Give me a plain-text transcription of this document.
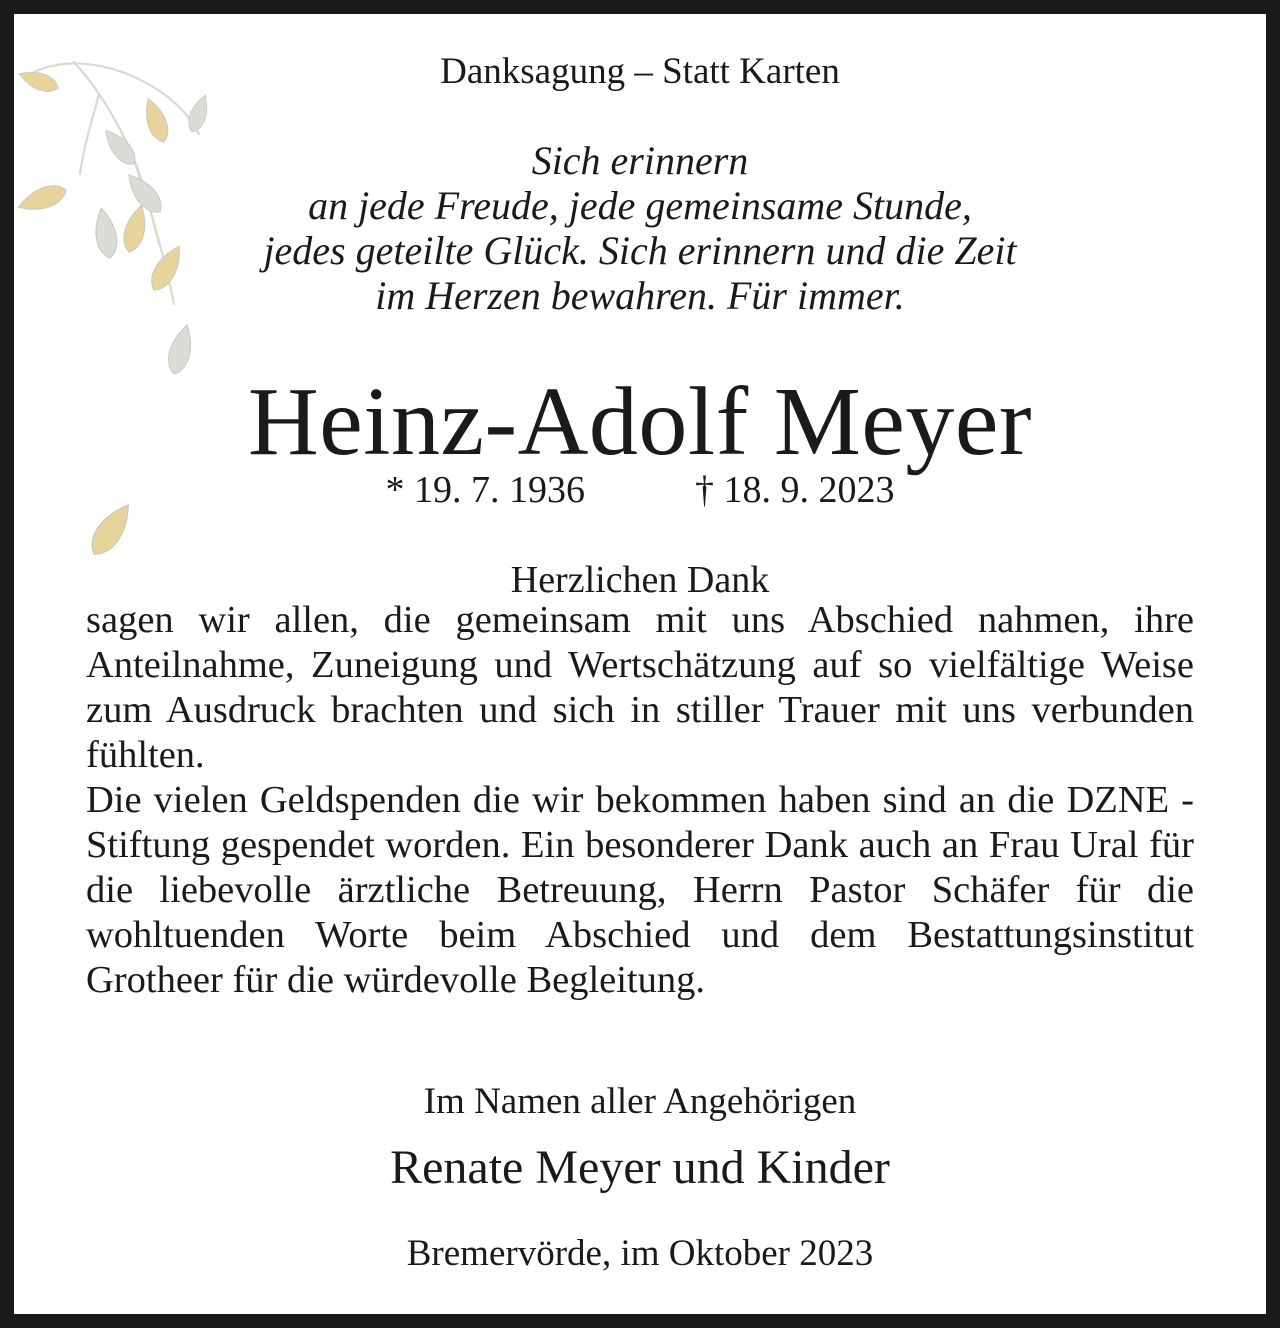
Danksagung – Statt Karten
Sich erinnern
an jede Freude, jede gemeinsame Stunde,
jedes geteilte Glück. Sich erinnern und die Zeit
im Herzen bewahren. Für immer.
Heinz-Adolf Meyer
* 19. 7. 1936	† 18. 9. 2023
Herzlichen Dank

sagen wir allen, die gemeinsam mit uns Abschied nahmen, ihre Anteilnahme, Zuneigung und Wertschätzung auf so vielfältige Weise zum Ausdruck brachten und sich in stiller Trauer mit uns verbunden fühlten.

Die vielen Geldspenden die wir bekommen haben sind an die DZNE - Stiftung gespendet worden. Ein besonderer Dank auch an Frau Ural für die liebevolle ärztliche Betreuung, Herrn Pastor Schäfer für die wohltuenden Worte beim Abschied und dem Bestattungsinstitut Grotheer für die würdevolle Begleitung.

Im Namen aller Angehörigen
Renate Meyer und Kinder
Bremervörde, im Oktober 2023
